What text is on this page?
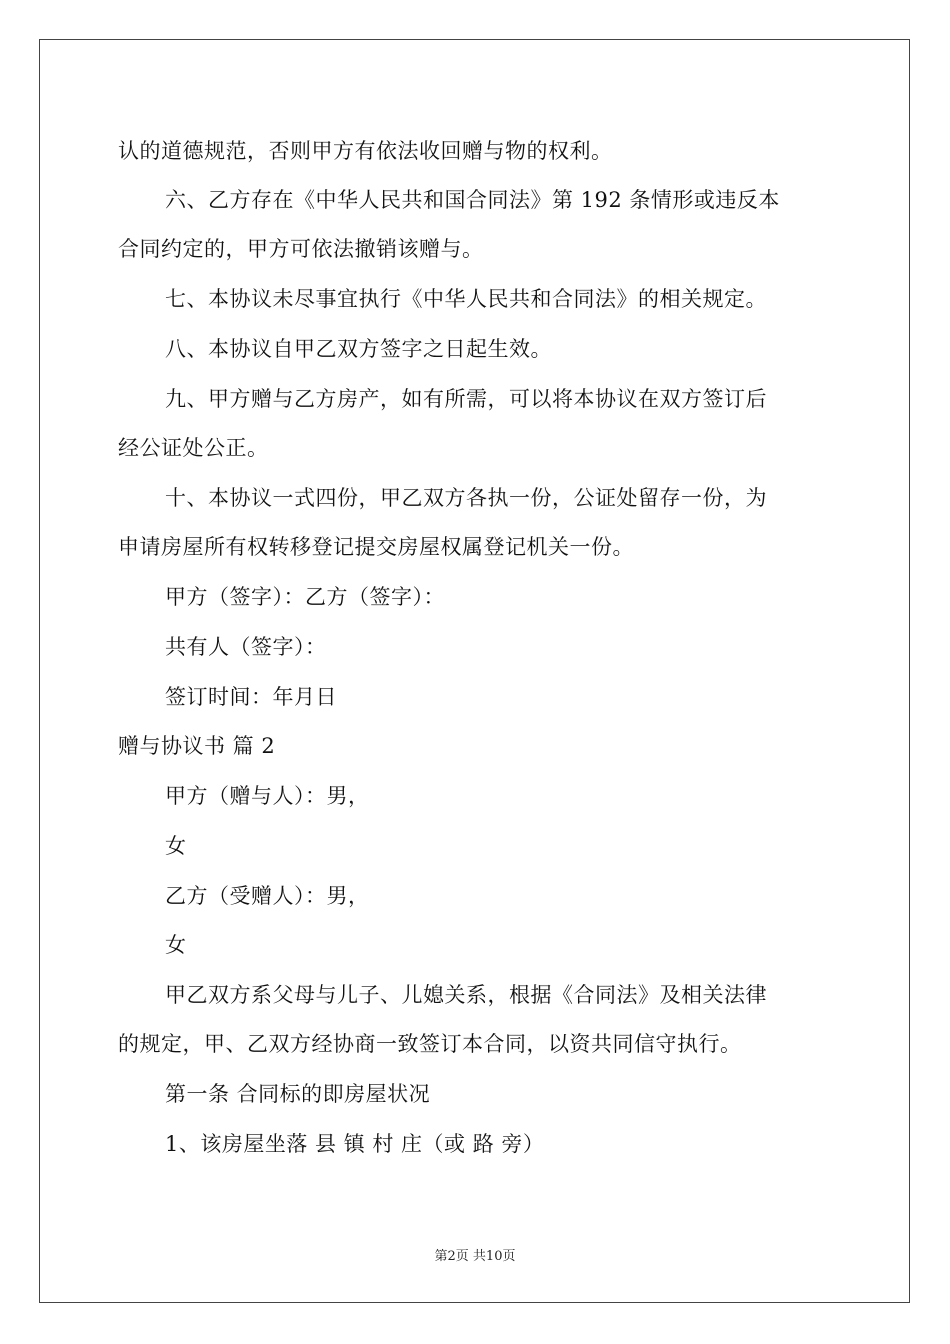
认的道德规范，否则甲方有依法收回赠与物的权利。
六、乙方存在《中华人民共和国合同法》第 192 条情形或违反本
合同约定的，甲方可依法撤销该赠与。
七、本协议未尽事宜执行《中华人民共和合同法》的相关规定。
八、本协议自甲乙双方签字之日起生效。
九、甲方赠与乙方房产，如有所需，可以将本协议在双方签订后
经公证处公正。
十、本协议一式四份，甲乙双方各执一份，公证处留存一份，为
申请房屋所有权转移登记提交房屋权属登记机关一份。
甲方（签字）：乙方（签字）：
共有人（签字）：
签订时间：年月日
赠与协议书 篇 2
甲方（赠与人）：男，
女
乙方（受赠人）：男，
女
甲乙双方系父母与儿子、儿媳关系，根据《合同法》及相关法律
的规定，甲、乙双方经协商一致签订本合同，以资共同信守执行。
第一条 合同标的即房屋状况
1、该房屋坐落 县 镇 村 庄（或 路 旁）
第2页 共10页
